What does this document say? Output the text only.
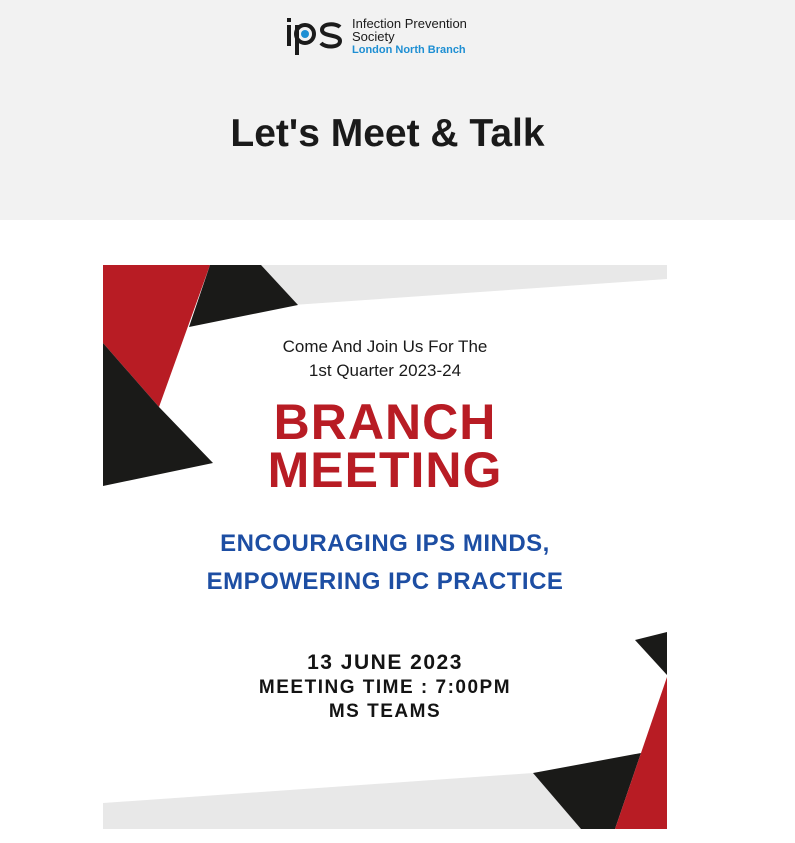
Infection Prevention
Society
London North Branch
Let's Meet & Talk

Come And Join Us For The
1st Quarter 2023-24

BRANCH
MEETING

ENCOURAGING IPS MINDS,
EMPOWERING IPC PRACTICE

13 JUNE 2023
MEETING TIME : 7:00PM
MS TEAMS
